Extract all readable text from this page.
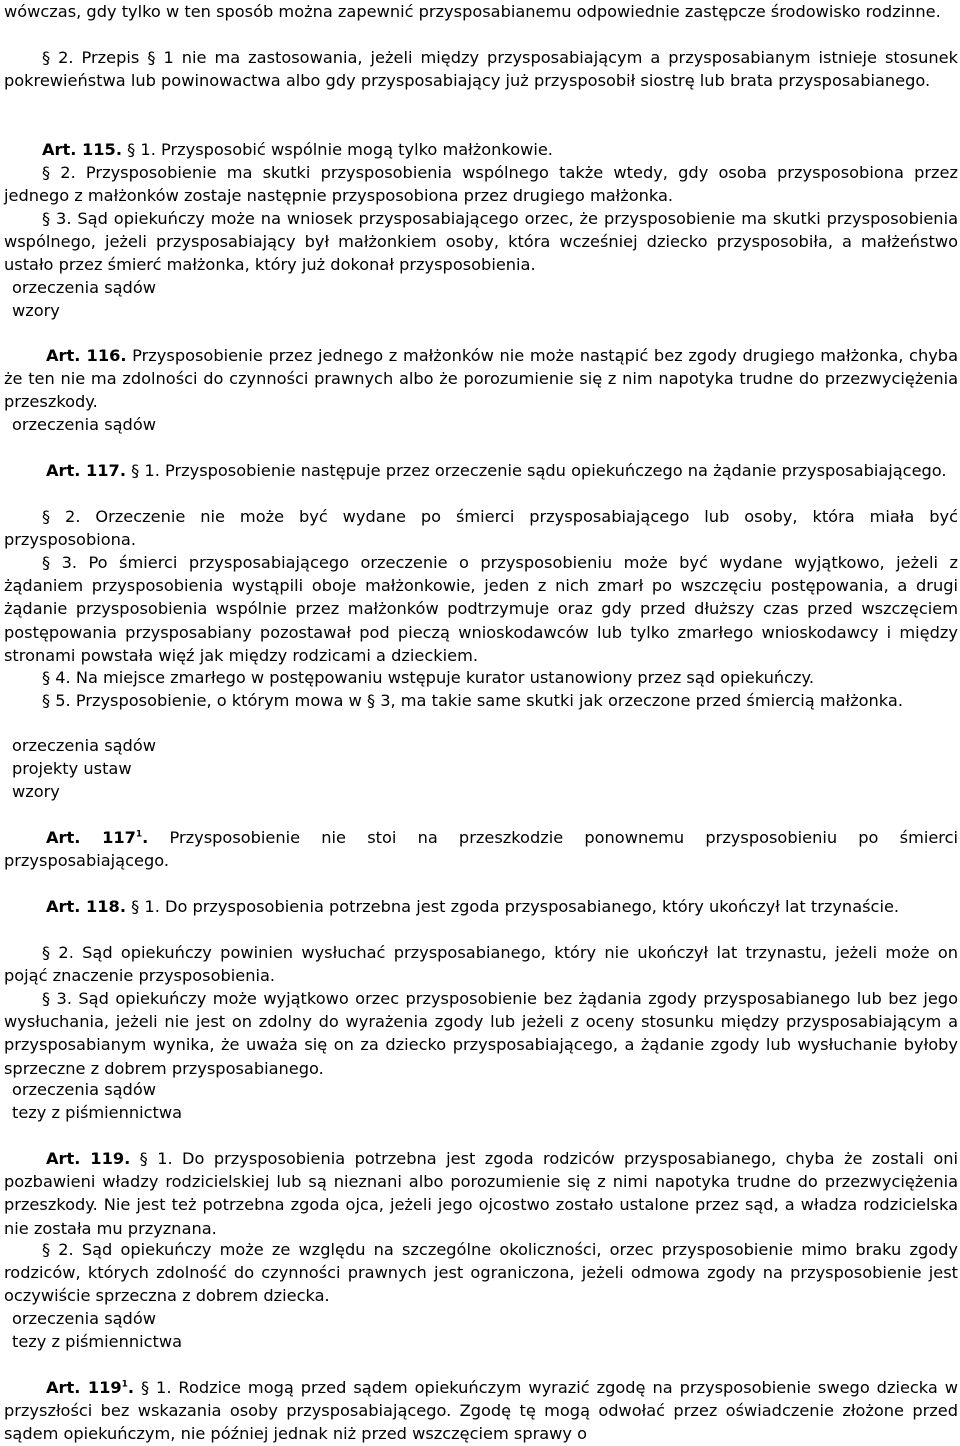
wówczas, gdy tylko w ten sposób można zapewnić przysposabianemu odpowiednie zastępcze środowisko rodzinne.

§ 2. Przepis § 1 nie ma zastosowania, jeżeli między przysposabiającym a przysposabianym istnieje stosunek pokrewieństwa lub powinowactwa albo gdy przysposabiający już przysposobił siostrę lub brata przysposabianego.

Art. 115. § 1. Przysposobić wspólnie mogą tylko małżonkowie.

§ 2. Przysposobienie ma skutki przysposobienia wspólnego także wtedy, gdy osoba przysposobiona przez jednego z małżonków zostaje następnie przysposobiona przez drugiego małżonka.

§ 3. Sąd opiekuńczy może na wniosek przysposabiającego orzec, że przysposobienie ma skutki przysposobienia wspólnego, jeżeli przysposabiający był małżonkiem osoby, która wcześniej dziecko przysposobiła, a małżeństwo ustało przez śmierć małżonka, który już dokonał przysposobienia.

orzeczenia sądów
wzory

Art. 116. Przysposobienie przez jednego z małżonków nie może nastąpić bez zgody drugiego małżonka, chyba że ten nie ma zdolności do czynności prawnych albo że porozumienie się z nim napotyka trudne do przezwyciężenia przeszkody.

orzeczenia sądów

Art. 117. § 1. Przysposobienie następuje przez orzeczenie sądu opiekuńczego na żądanie przysposabiającego.

§ 2. Orzeczenie nie może być wydane po śmierci przysposabiającego lub osoby, która miała być przysposobiona.

§ 3. Po śmierci przysposabiającego orzeczenie o przysposobieniu może być wydane wyjątkowo, jeżeli z żądaniem przysposobienia wystąpili oboje małżonkowie, jeden z nich zmarł po wszczęciu postępowania, a drugi żądanie przysposobienia wspólnie przez małżonków podtrzymuje oraz gdy przed dłuższy czas przed wszczęciem postępowania przysposabiany pozostawał pod pieczą wnioskodawców lub tylko zmarłego wnioskodawcy i między stronami powstała więź jak między rodzicami a dzieckiem.

§ 4. Na miejsce zmarłego w postępowaniu wstępuje kurator ustanowiony przez sąd opiekuńczy.

§ 5. Przysposobienie, o którym mowa w § 3, ma takie same skutki jak orzeczone przed śmiercią małżonka.

orzeczenia sądów
projekty ustaw
wzory

Art. $117^1$. Przysposobienie nie stoi na przeszkodzie ponownemu przysposobieniu po śmierci przysposabiającego.

Art. 118. § 1. Do przysposobienia potrzebna jest zgoda przysposabianego, który ukończył lat trzynaście.

§ 2. Sąd opiekuńczy powinien wysłuchać przysposabianego, który nie ukończył lat trzynastu, jeżeli może on pojąć znaczenie przysposobienia.

§ 3. Sąd opiekuńczy może wyjątkowo orzec przysposobienie bez żądania zgody przysposabianego lub bez jego wysłuchania, jeżeli nie jest on zdolny do wyrażenia zgody lub jeżeli z oceny stosunku między przysposabiającym a przysposabianym wynika, że uważa się on za dziecko przysposabiającego, a żądanie zgody lub wysłuchanie byłoby sprzeczne z dobrem przysposabianego.

orzeczenia sądów
tezy z piśmiennictwa

Art. 119. § 1. Do przysposobienia potrzebna jest zgoda rodziców przysposabianego, chyba że zostali oni pozbawieni władzy rodzicielskiej lub są nieznani albo porozumienie się z nimi napotyka trudne do przezwyciężenia przeszkody. Nie jest też potrzebna zgoda ojca, jeżeli jego ojcostwo zostało ustalone przez sąd, a władza rodzicielska nie została mu przyznana.

§ 2. Sąd opiekuńczy może ze względu na szczególne okoliczności, orzec przysposobienie mimo braku zgody rodziców, których zdolność do czynności prawnych jest ograniczona, jeżeli odmowa zgody na przysposobienie jest oczywiście sprzeczna z dobrem dziecka.

orzeczenia sądów
tezy z piśmiennictwa

Art. $119^1$. § 1. Rodzice mogą przed sądem opiekuńczym wyrazić zgodę na przysposobienie swego dziecka w przyszłości bez wskazania osoby przysposabiającego. Zgodę tę mogą odwołać przez oświadczenie złożone przed sądem opiekuńczym, nie później jednak niż przed wszczęciem sprawy o
